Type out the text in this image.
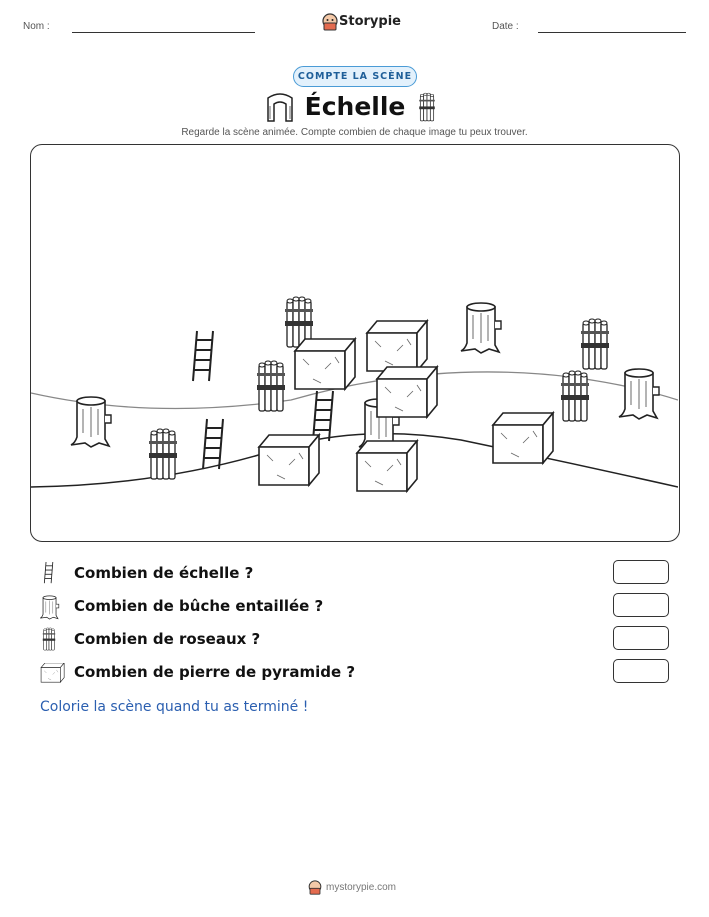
Nom :	Storypie	Date :
COMPTE LA SCÈNE
Échelle
Regarde la scène animée. Compte combien de chaque image tu peux trouver.
Combien de échelle ?
Combien de bûche entaillée ?
Combien de roseaux ?
Combien de pierre de pyramide ?
Colorie la scène quand tu as terminé !
mystorypie.com
